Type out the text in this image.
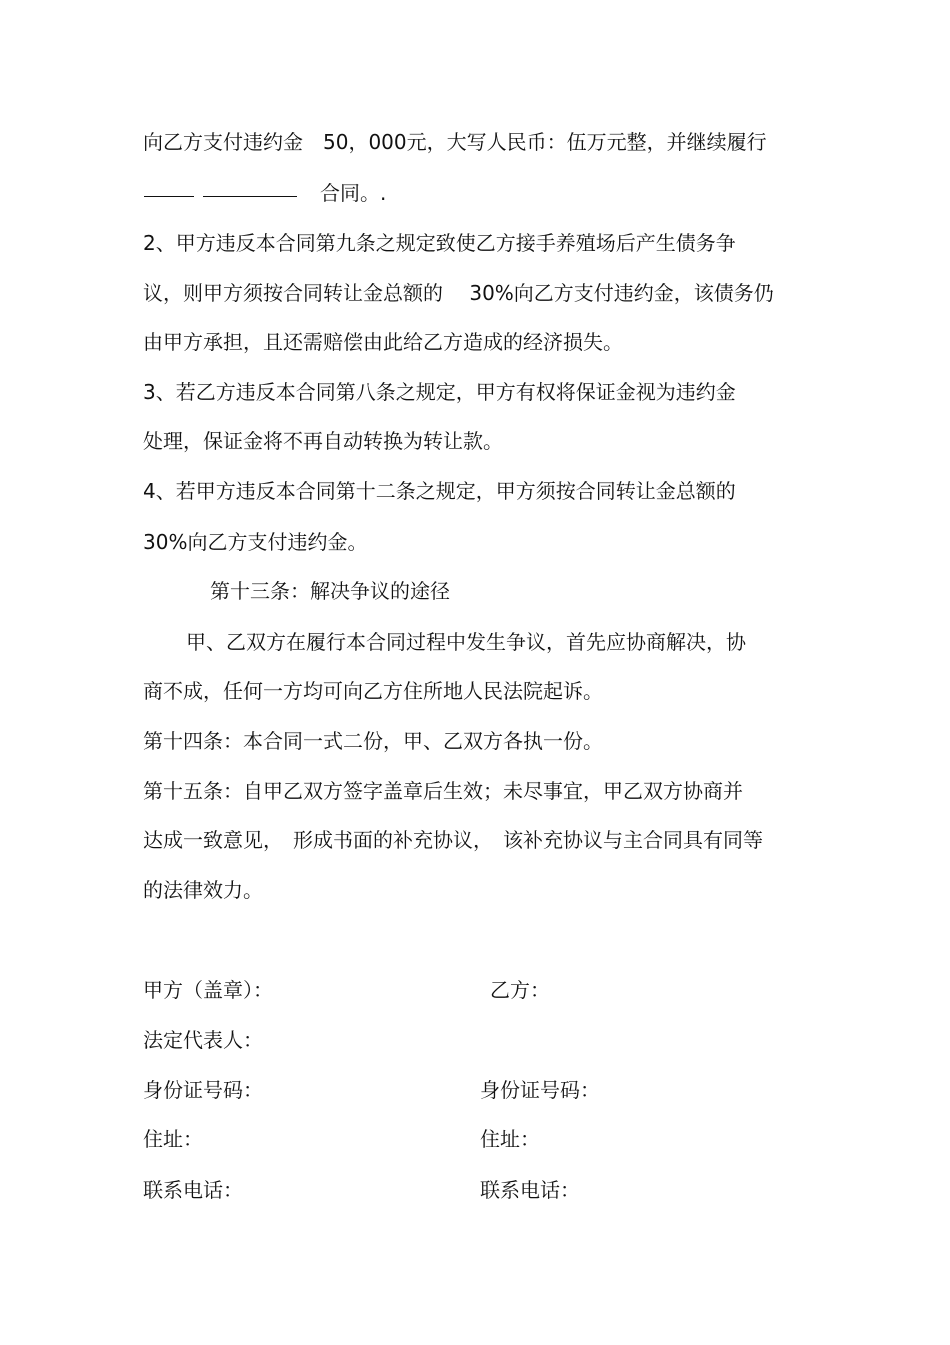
向乙方支付违约金　50，000元，大写人民币：伍万元整，并继续履行
合同。.
2、甲方违反本合同第九条之规定致使乙方接手养殖场后产生债务争
议，则甲方须按合同转让金总额的　 30%向乙方支付违约金，该债务仍
由甲方承担，且还需赔偿由此给乙方造成的经济损失。
3、若乙方违反本合同第八条之规定，甲方有权将保证金视为违约金
处理，保证金将不再自动转换为转让款。
4、若甲方违反本合同第十二条之规定，甲方须按合同转让金总额的
30%向乙方支付违约金。
第十三条：解决争议的途径
甲、乙双方在履行本合同过程中发生争议，首先应协商解决，协
商不成，任何一方均可向乙方住所地人民法院起诉。
第十四条：本合同一式二份，甲、乙双方各执一份。
第十五条：自甲乙双方签字盖章后生效；未尽事宜，甲乙双方协商并
达成一致意见，　形成书面的补充协议，　该补充协议与主合同具有同等
的法律效力。
甲方（盖章）：	乙方：
法定代表人：
身份证号码：	身份证号码：
住址：	住址：
联系电话：	联系电话：
